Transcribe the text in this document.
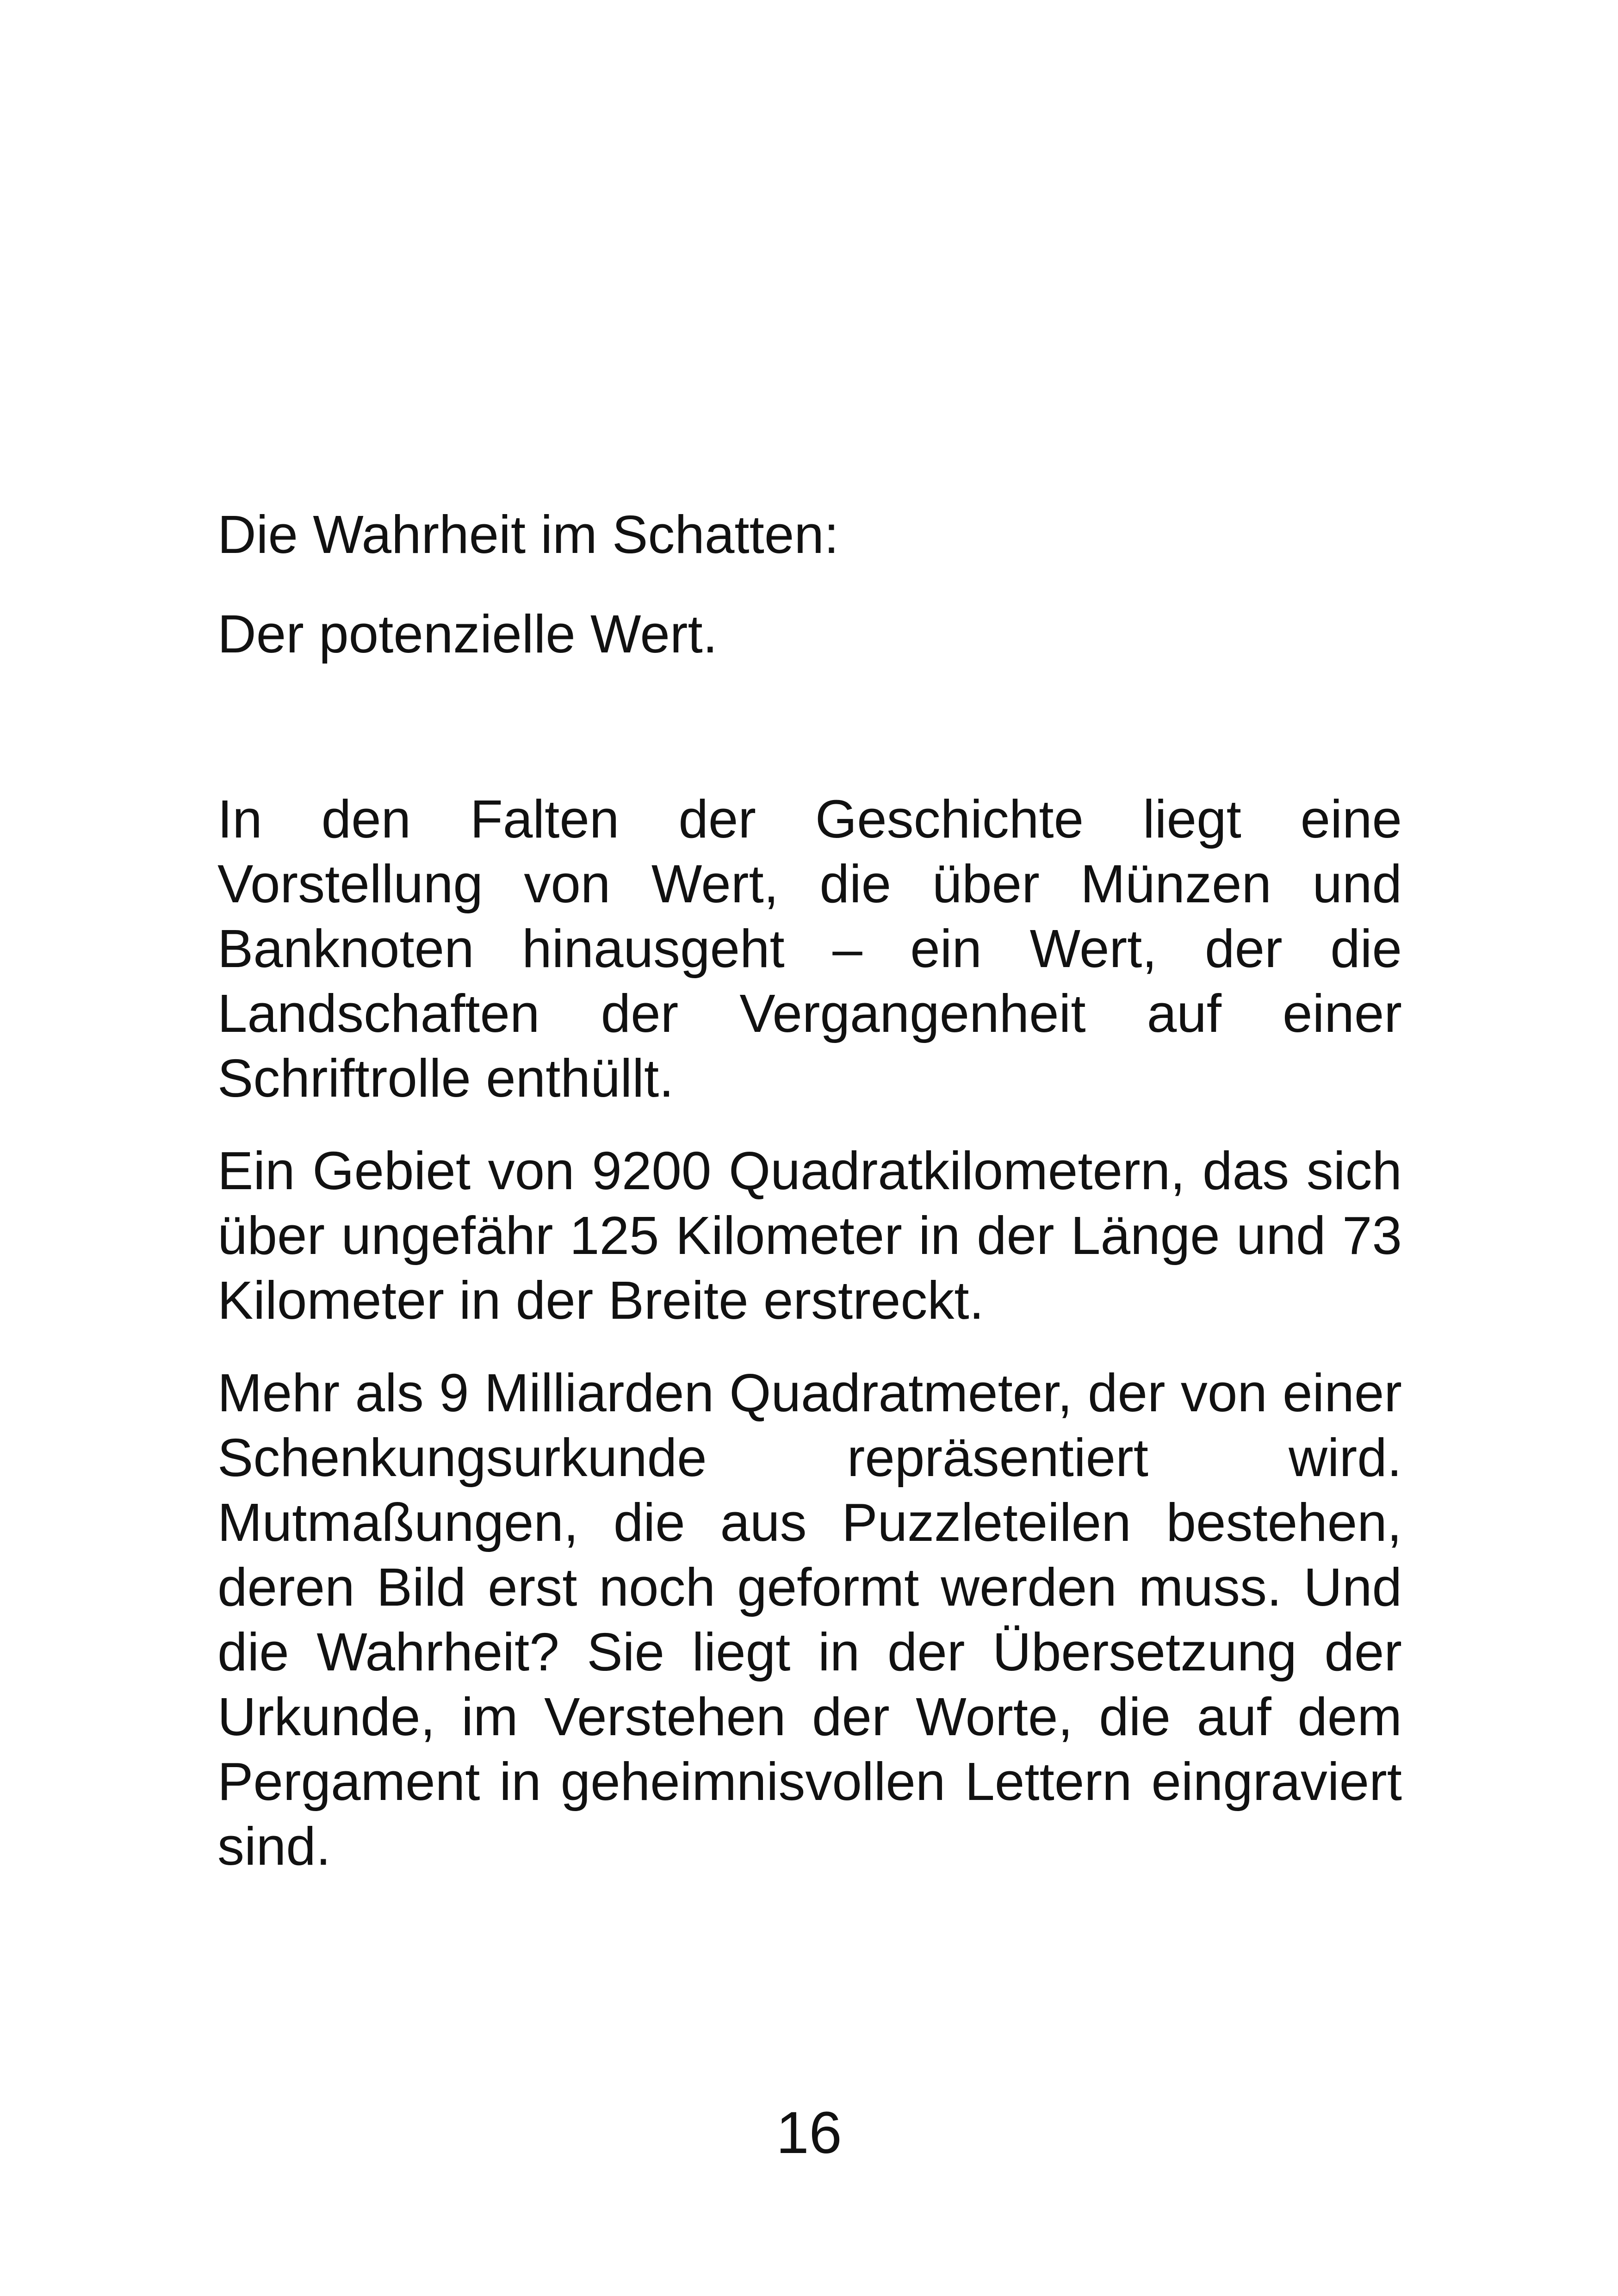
Die Wahrheit im Schatten:
Der potenzielle Wert.

In den Falten der Geschichte liegt eine Vorstellung von Wert, die über Münzen und Banknoten hinausgeht – ein Wert, der die Landschaften der Vergangenheit auf einer Schriftrolle enthüllt.

Ein Gebiet von 9200 Quadratkilometern, das sich über ungefähr 125 Kilometer in der Länge und 73 Kilometer in der Breite erstreckt.

Mehr als 9 Milliarden Quadratmeter, der von einer Schenkungsurkunde repräsentiert wird. Mutmaßungen, die aus Puzzleteilen bestehen, deren Bild erst noch geformt werden muss. Und die Wahrheit? Sie liegt in der Übersetzung der Urkunde, im Verstehen der Worte, die auf dem Pergament in geheimnisvollen Lettern eingraviert sind.

16
